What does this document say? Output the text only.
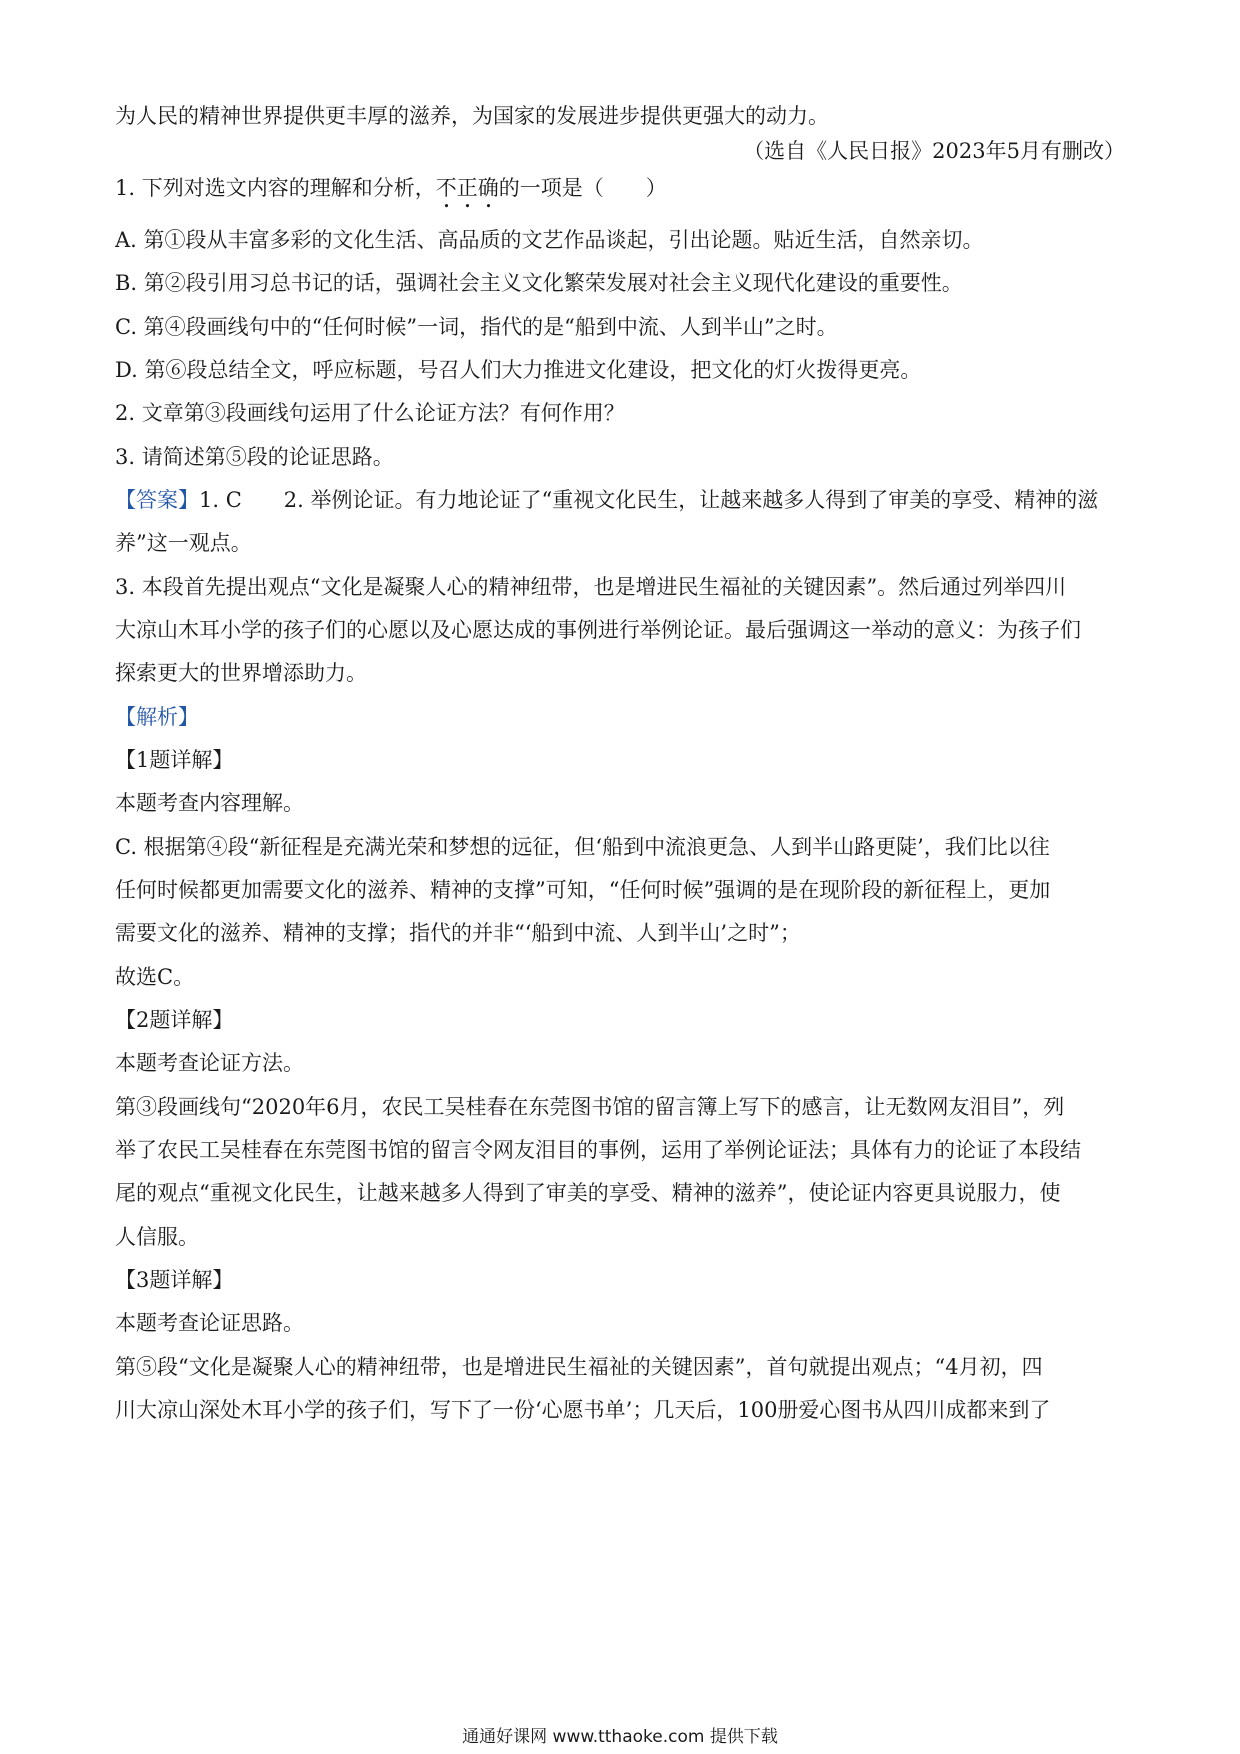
为人民的精神世界提供更丰厚的滋养，为国家的发展进步提供更强大的动力。
（选自《人民日报》2023年5月有删改）
1. 下列对选文内容的理解和分析，不正确的一项是（　　）
A. 第①段从丰富多彩的文化生活、高品质的文艺作品谈起，引出论题。贴近生活，自然亲切。
B. 第②段引用习总书记的话，强调社会主义文化繁荣发展对社会主义现代化建设的重要性。
C. 第④段画线句中的“任何时候”一词，指代的是“船到中流、人到半山”之时。
D. 第⑥段总结全文，呼应标题，号召人们大力推进文化建设，把文化的灯火拨得更亮。
2. 文章第③段画线句运用了什么论证方法？有何作用？
3. 请简述第⑤段的论证思路。
【答案】1. C　　2. 举例论证。有力地论证了“重视文化民生，让越来越多人得到了审美的享受、精神的滋
养”这一观点。
3. 本段首先提出观点“文化是凝聚人心的精神纽带，也是增进民生福祉的关键因素”。然后通过列举四川
大凉山木耳小学的孩子们的心愿以及心愿达成的事例进行举例论证。最后强调这一举动的意义：为孩子们
探索更大的世界增添助力。
【解析】
【1题详解】
本题考查内容理解。
C. 根据第④段“新征程是充满光荣和梦想的远征，但‘船到中流浪更急、人到半山路更陡’，我们比以往
任何时候都更加需要文化的滋养、精神的支撑”可知，“任何时候”强调的是在现阶段的新征程上，更加
需要文化的滋养、精神的支撑；指代的并非“‘船到中流、人到半山’之时”；
故选C。
【2题详解】
本题考查论证方法。
第③段画线句“2020年6月，农民工吴桂春在东莞图书馆的留言簿上写下的感言，让无数网友泪目”，列
举了农民工吴桂春在东莞图书馆的留言令网友泪目的事例，运用了举例论证法；具体有力的论证了本段结
尾的观点“重视文化民生，让越来越多人得到了审美的享受、精神的滋养”，使论证内容更具说服力，使
人信服。
【3题详解】
本题考查论证思路。
第⑤段“文化是凝聚人心的精神纽带，也是增进民生福祉的关键因素”，首句就提出观点；“4月初，四
川大凉山深处木耳小学的孩子们，写下了一份‘心愿书单’；几天后，100册爱心图书从四川成都来到了
通通好课网 www.tthaoke.com 提供下载
